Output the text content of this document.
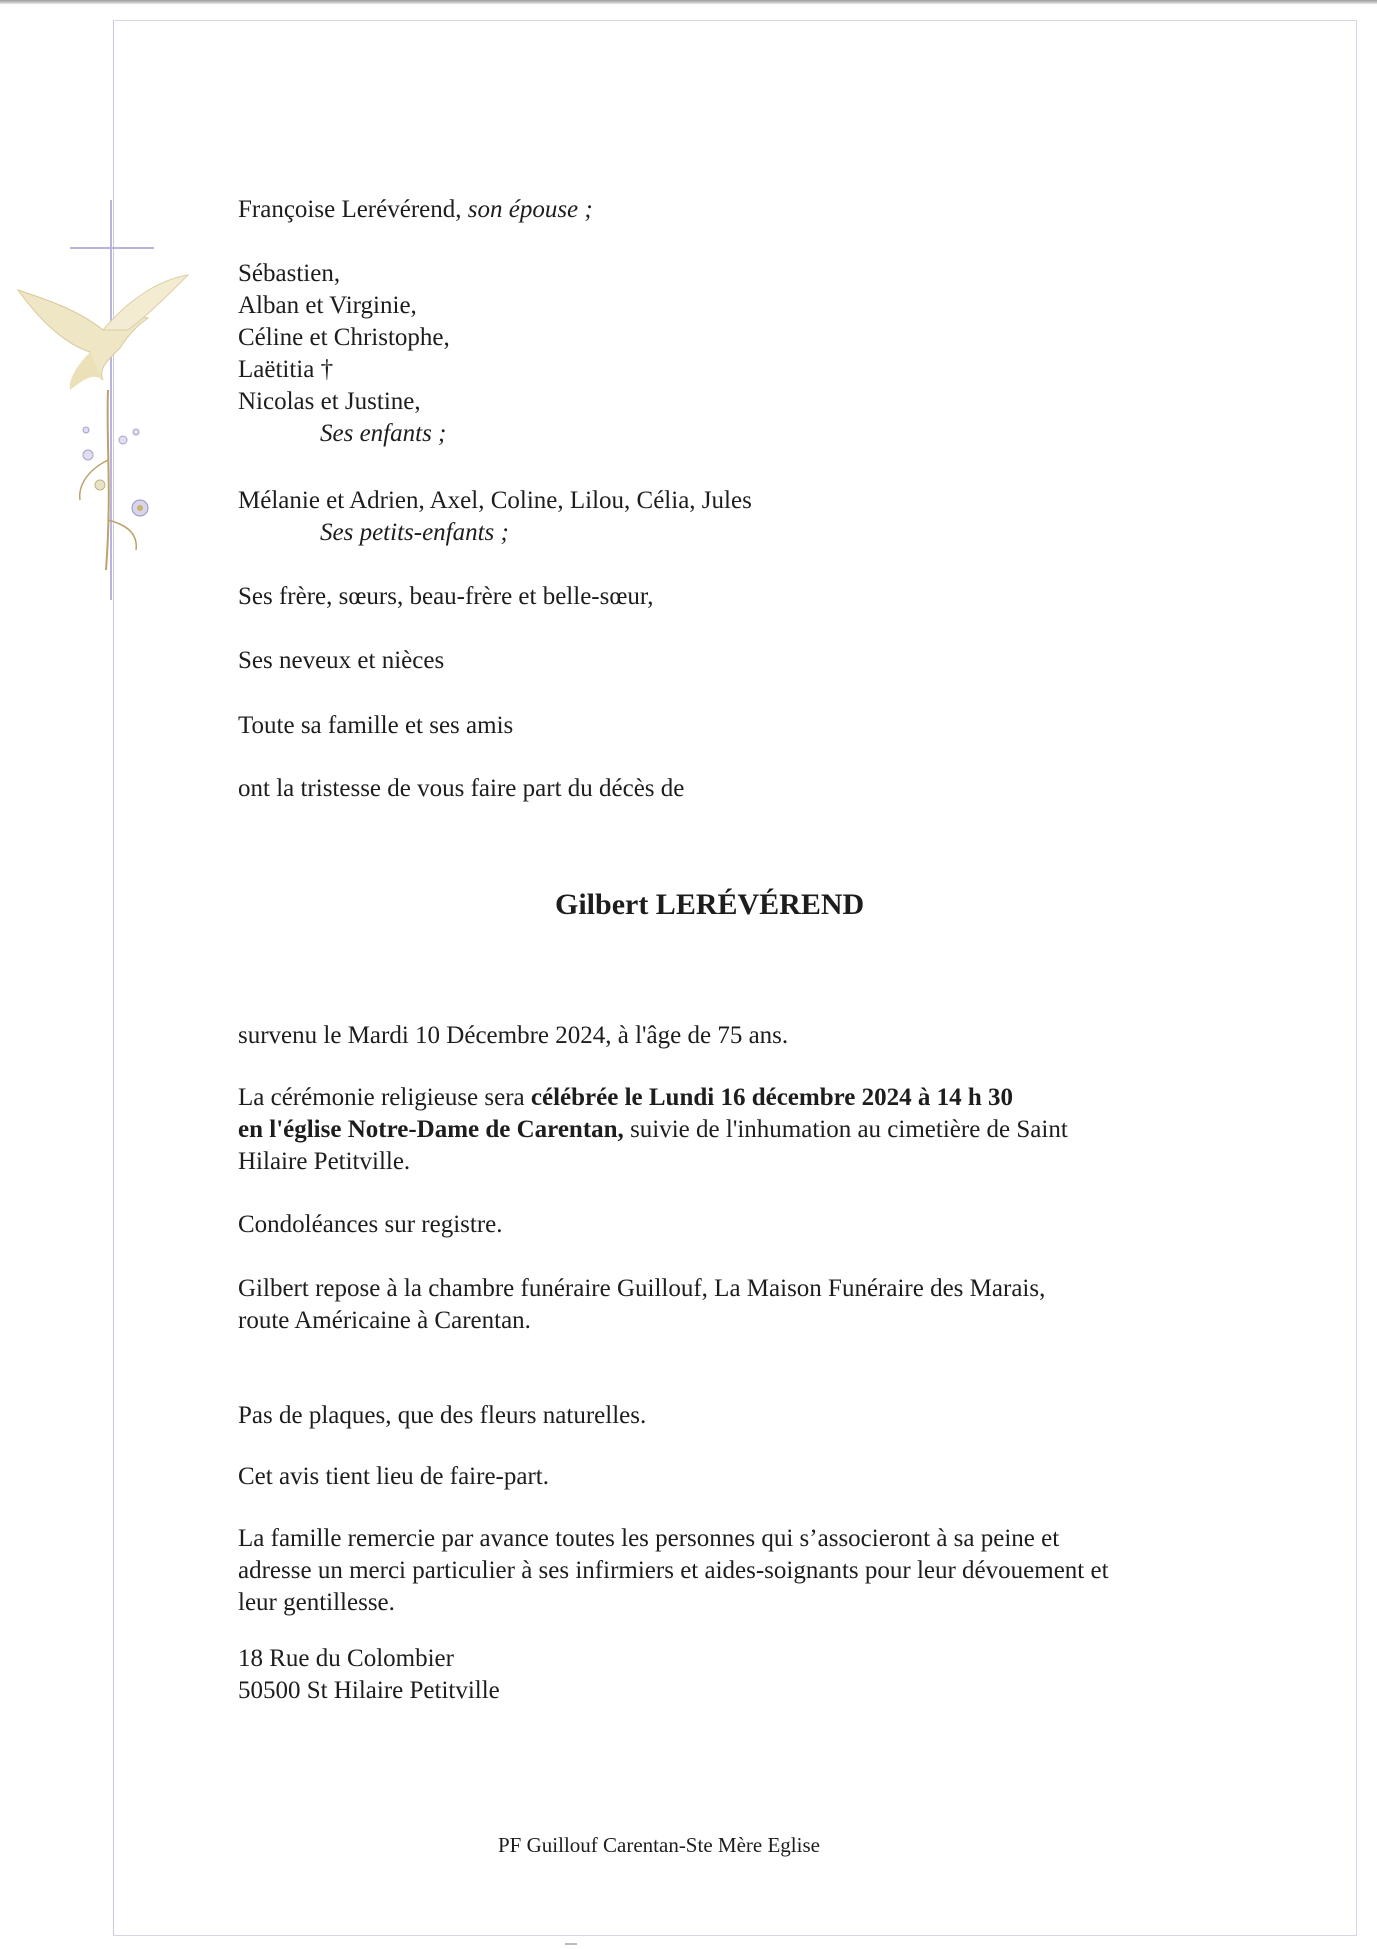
Françoise Lerévérend, son épouse ;
Sébastien,
Alban et Virginie,
Céline et Christophe,
Laëtitia †
Nicolas et Justine,
Ses enfants ;
Mélanie et Adrien, Axel, Coline, Lilou, Célia, Jules
Ses petits-enfants ;
Ses frère, sœurs, beau-frère et belle-sœur,
Ses neveux et nièces
Toute sa famille et ses amis
ont la tristesse de vous faire part du décès de
Gilbert LERÉVÉREND
survenu le Mardi 10 Décembre 2024, à l'âge de 75 ans.
La cérémonie religieuse sera célébrée le Lundi 16 décembre 2024 à 14 h 30
en l'église Notre-Dame de Carentan, suivie de l'inhumation au cimetière de Saint
Hilaire Petitville.
Condoléances sur registre.
Gilbert repose à la chambre funéraire Guillouf, La Maison Funéraire des Marais,
route Américaine à Carentan.
Pas de plaques, que des fleurs naturelles.
Cet avis tient lieu de faire-part.
La famille remercie par avance toutes les personnes qui s’associeront à sa peine et
adresse un merci particulier à ses infirmiers et aides-soignants pour leur dévouement et
leur gentillesse.
18 Rue du Colombier
50500 St Hilaire Petitville
PF Guillouf Carentan-Ste Mère Eglise
